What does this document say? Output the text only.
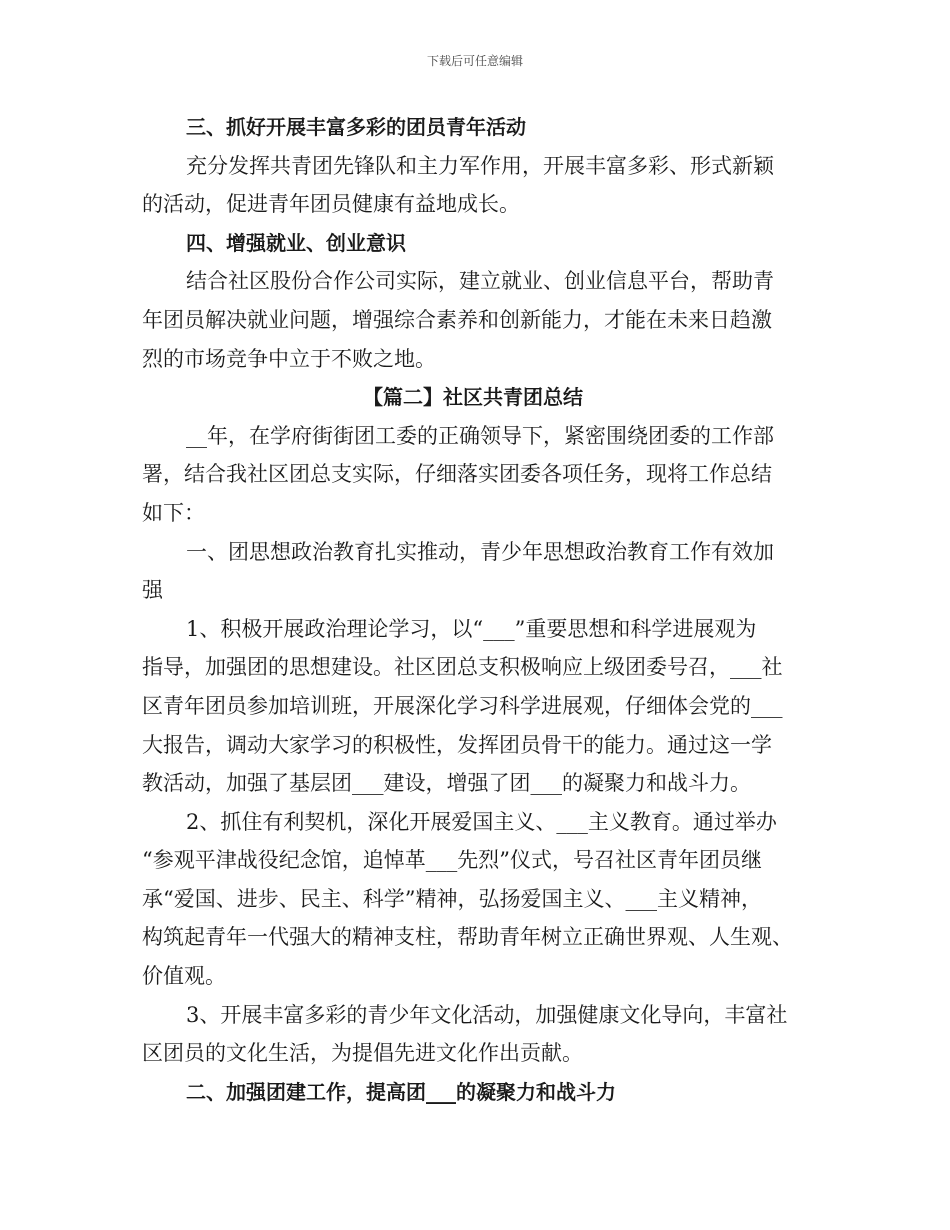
下载后可任意编辑
三、抓好开展丰富多彩的团员青年活动
充分发挥共青团先锋队和主力军作用，开展丰富多彩、形式新颖
的活动，促进青年团员健康有益地成长。
四、增强就业、创业意识
结合社区股份合作公司实际，建立就业、创业信息平台，帮助青
年团员解决就业问题，增强综合素养和创新能力，才能在未来日趋激
烈的市场竞争中立于不败之地。
【篇二】社区共青团总结
__年，在学府街街团工委的正确领导下，紧密围绕团委的工作部
署，结合我社区团总支实际，仔细落实团委各项任务，现将工作总结
如下：
一、团思想政治教育扎实推动，青少年思想政治教育工作有效加
强
1、积极开展政治理论学习，以“___”重要思想和科学进展观为
指导，加强团的思想建设。社区团总支积极响应上级团委号召，___社
区青年团员参加培训班，开展深化学习科学进展观，仔细体会党的___
大报告，调动大家学习的积极性，发挥团员骨干的能力。通过这一学
教活动，加强了基层团___建设，增强了团___的凝聚力和战斗力。
2、抓住有利契机，深化开展爱国主义、___主义教育。通过举办
“参观平津战役纪念馆，追悼革___先烈”仪式，号召社区青年团员继
承“爱国、进步、民主、科学”精神，弘扬爱国主义、___主义精神，
构筑起青年一代强大的精神支柱，帮助青年树立正确世界观、人生观、
价值观。
3、开展丰富多彩的青少年文化活动，加强健康文化导向，丰富社
区团员的文化生活，为提倡先进文化作出贡献。
二、加强团建工作，提高团___的凝聚力和战斗力
